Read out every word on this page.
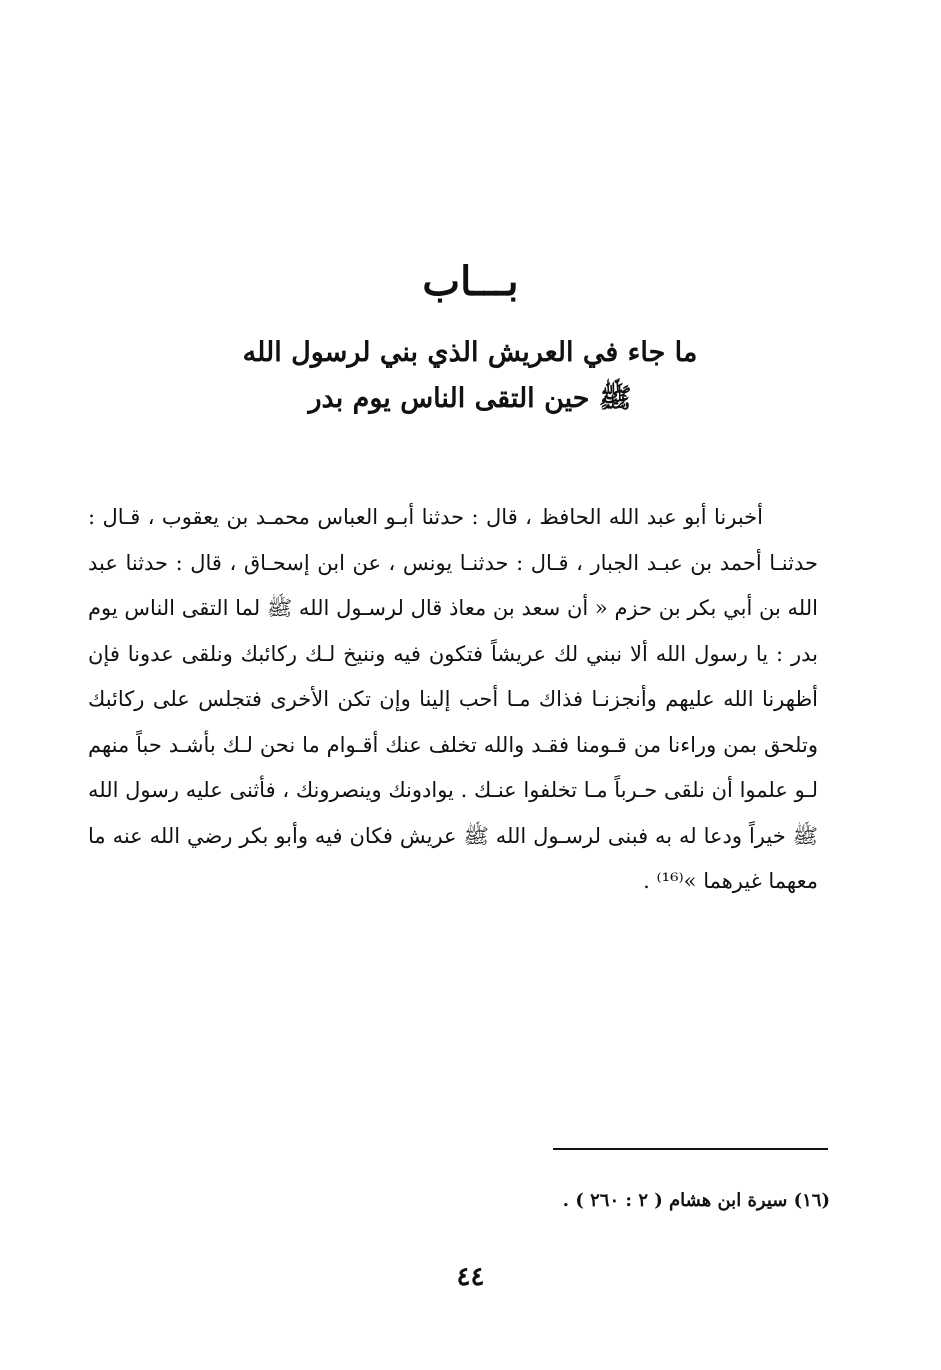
بـــاب
ما جاء في العريش الذي بني لرسول الله
ﷺ حين التقى الناس يوم بدر

أخبرنا أبو عبد الله الحافظ ، قال : حدثنا أبـو العباس محمـد بن يعقوب ، قـال : حدثنـا أحمد بن عبـد الجبار ، قـال : حدثنـا يونس ، عن ابن إسحـاق ، قال : حدثنا عبد الله بن أبي بكر بن حزم « أن سعد بن معاذ قال لرسـول الله ﷺ لما التقى الناس يوم بدر : يا رسول الله ألا نبني لك عريشاً فتكون فيه وننيخ لـك ركائبك ونلقى عدونا فإن أظهرنا الله عليهم وأنجزنـا فذاك مـا أحب إلينا وإن تكن الأخرى فتجلس على ركائبك وتلحق بمن وراءنا من قـومنا فقـد والله تخلف عنك أقـوام ما نحن لـك بأشـد حباً منهم لـو علموا أن نلقى حـرباً مـا تخلفوا عنـك . يوادونك وينصرونك ، فأثنى عليه رسول الله ﷺ خيراً ودعا له به فبنى لرسـول الله ﷺ عريش فكان فيه وأبو بكر رضي الله عنه ما معهما غيرهما »⁽¹⁶⁾ .

(١٦) سيرة ابن هشام ( ٢ : ٢٦٠ ) .
٤٤
